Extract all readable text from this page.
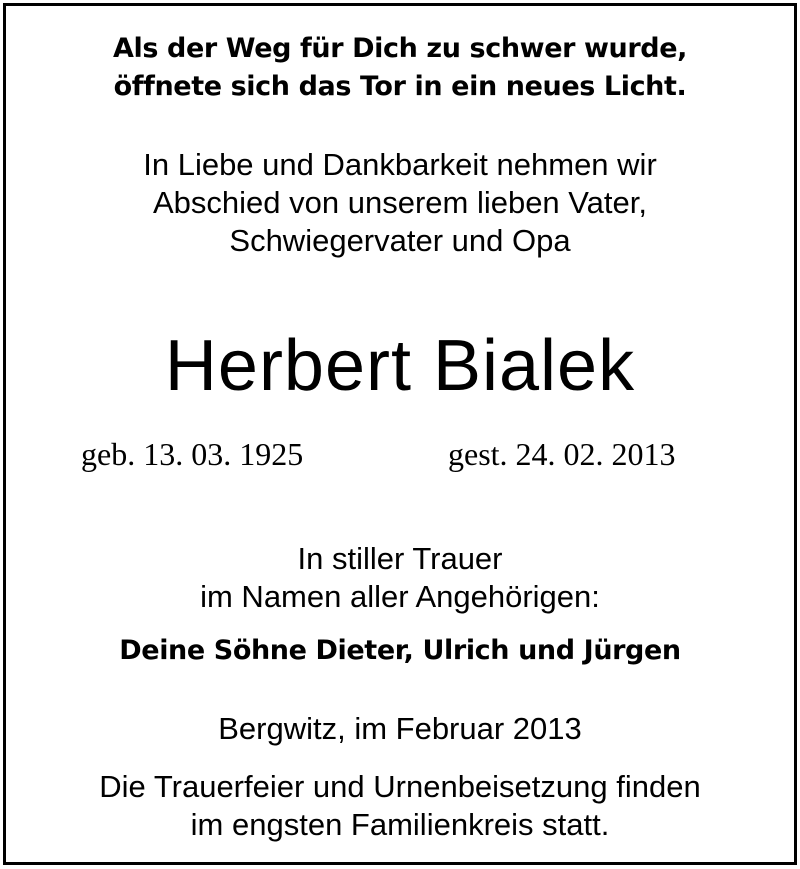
Als der Weg für Dich zu schwer wurde,
öffnete sich das Tor in ein neues Licht.
In Liebe und Dankbarkeit nehmen wir
Abschied von unserem lieben Vater,
Schwiegervater und Opa
Herbert Bialek
geb. 13. 03. 1925	gest. 24. 02. 2013
In stiller Trauer
im Namen aller Angehörigen:
Deine Söhne Dieter, Ulrich und Jürgen
Bergwitz, im Februar 2013
Die Trauerfeier und Urnenbeisetzung finden
im engsten Familienkreis statt.
